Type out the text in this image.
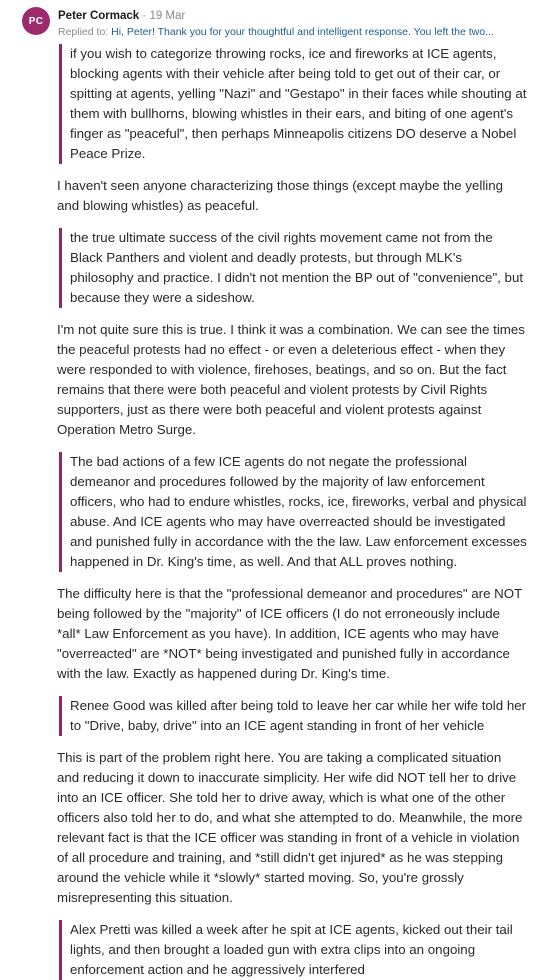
PC	Peter Cormack · 19 Mar
Replied to: Hi, Peter! Thank you for your thoughtful and intelligent response. You left the two...
if you wish to categorize throwing rocks, ice and fireworks at ICE agents, blocking agents with their vehicle after being told to get out of their car, or spitting at agents, yelling "Nazi" and "Gestapo" in their faces while shouting at them with bullhorns, blowing whistles in their ears, and biting of one agent's finger as "peaceful", then perhaps Minneapolis citizens DO deserve a Nobel Peace Prize.
I haven't seen anyone characterizing those things (except maybe the yelling and blowing whistles) as peaceful.
the true ultimate success of the civil rights movement came not from the Black Panthers and violent and deadly protests, but through MLK's philosophy and practice. I didn't not mention the BP out of "convenience", but because they were a sideshow.
I'm not quite sure this is true. I think it was a combination. We can see the times the peaceful protests had no effect - or even a deleterious effect - when they were responded to with violence, firehoses, beatings, and so on. But the fact remains that there were both peaceful and violent protests by Civil Rights supporters, just as there were both peaceful and violent protests against Operation Metro Surge.
The bad actions of a few ICE agents do not negate the professional demeanor and procedures followed by the majority of law enforcement officers, who had to endure whistles, rocks, ice, fireworks, verbal and physical abuse. And ICE agents who may have overreacted should be investigated and punished fully in accordance with the the law. Law enforcement excesses happened in Dr. King's time, as well. And that ALL proves nothing.
The difficulty here is that the "professional demeanor and procedures" are NOT being followed by the "majority" of ICE officers (I do not erroneously include *all* Law Enforcement as you have). In addition, ICE agents who may have "overreacted" are *NOT* being investigated and punished fully in accordance with the law. Exactly as happened during Dr. King's time.
Renee Good was killed after being told to leave her car while her wife told her to "Drive, baby, drive" into an ICE agent standing in front of her vehicle
This is part of the problem right here. You are taking a complicated situation and reducing it down to inaccurate simplicity. Her wife did NOT tell her to drive into an ICE officer. She told her to drive away, which is what one of the other officers also told her to do, and what she attempted to do. Meanwhile, the more relevant fact is that the ICE officer was standing in front of a vehicle in violation of all procedure and training, and *still didn't get injured* as he was stepping around the vehicle while it *slowly* started moving. So, you're grossly misrepresenting this situation.
Alex Pretti was killed a week after he spit at ICE agents, kicked out their tail lights, and then brought a loaded gun with extra clips into an ongoing enforcement action and he aggressively interfered
